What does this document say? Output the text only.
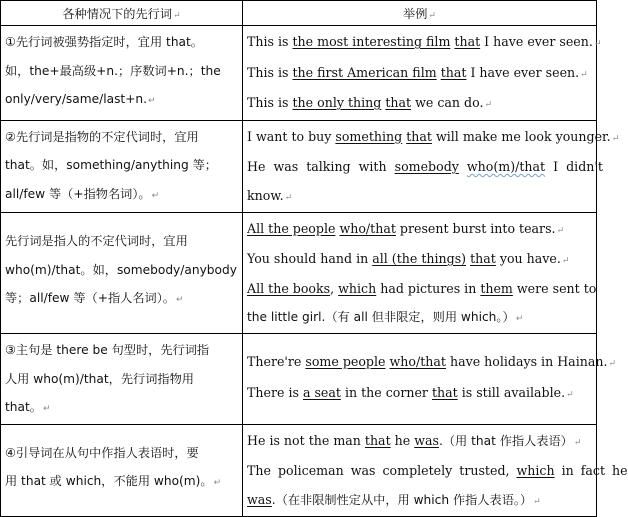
各种情况下的先行词↵	举例↵

①先行词被强势指定时，宜用 that。
如，the+最高级+n.；序数词+n.；the
only/very/same/last+n.↵	This is the most interesting film that I have ever seen.↵
This is the first American film that I have ever seen.↵
This is the only thing that we can do.↵

②先行词是指物的不定代词时，宜用
that。如，something/anything 等；
all/few 等（+指物名词）。↵	I want to buy something that will make me look younger.↵
He was talking with somebody who(m)/that I didn't
know.↵

先行词是指人的不定代词时，宜用
who(m)/that。如，somebody/anybody
等；all/few 等（+指人名词）。↵	All the people who/that present burst into tears.↵
You should hand in all (the things) that you have.↵
All the books, which had pictures in them were sent to
the little girl.（有 all 但非限定，则用 which。）↵

③主句是 there be 句型时，先行词指
人用 who(m)/that，先行词指物用
that。↵	There're some people who/that have holidays in Hainan.↵
There is a seat in the corner that is still available.↵

④引导词在从句中作指人表语时，要
用 that 或 which，不能用 who(m)。↵	He is not the man that he was.（用 that 作指人表语）↵
The policeman was completely trusted, which in fact he
was.（在非限制性定从中，用 which 作指人表语。）↵
